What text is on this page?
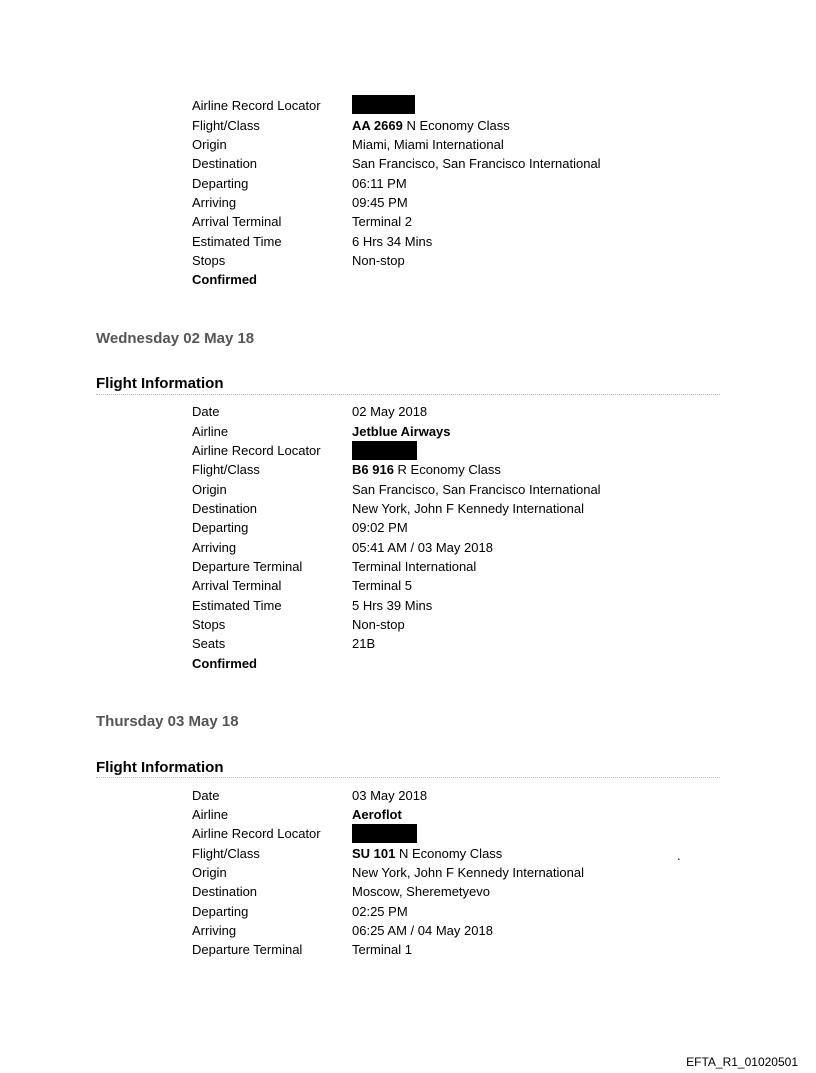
Airline Record Locator
Flight/Class	AA 2669 N Economy Class
Origin	Miami, Miami International
Destination	San Francisco, San Francisco International
Departing	06:11 PM
Arriving	09:45 PM
Arrival Terminal	Terminal 2
Estimated Time	6 Hrs 34 Mins
Stops	Non-stop
Confirmed
Wednesday 02 May 18
Flight Information
Date	02 May 2018
Airline	Jetblue Airways
Airline Record Locator
Flight/Class	B6 916 R Economy Class
Origin	San Francisco, San Francisco International
Destination	New York, John F Kennedy International
Departing	09:02 PM
Arriving	05:41 AM / 03 May 2018
Departure Terminal	Terminal International
Arrival Terminal	Terminal 5
Estimated Time	5 Hrs 39 Mins
Stops	Non-stop
Seats	21B
Confirmed
Thursday 03 May 18
Flight Information
Date	03 May 2018
Airline	Aeroflot
Airline Record Locator
Flight/Class	SU 101 N Economy Class
Origin	New York, John F Kennedy International
Destination	Moscow, Sheremetyevo
Departing	02:25 PM
Arriving	06:25 AM / 04 May 2018
Departure Terminal	Terminal 1
.
EFTA_R1_01020501
